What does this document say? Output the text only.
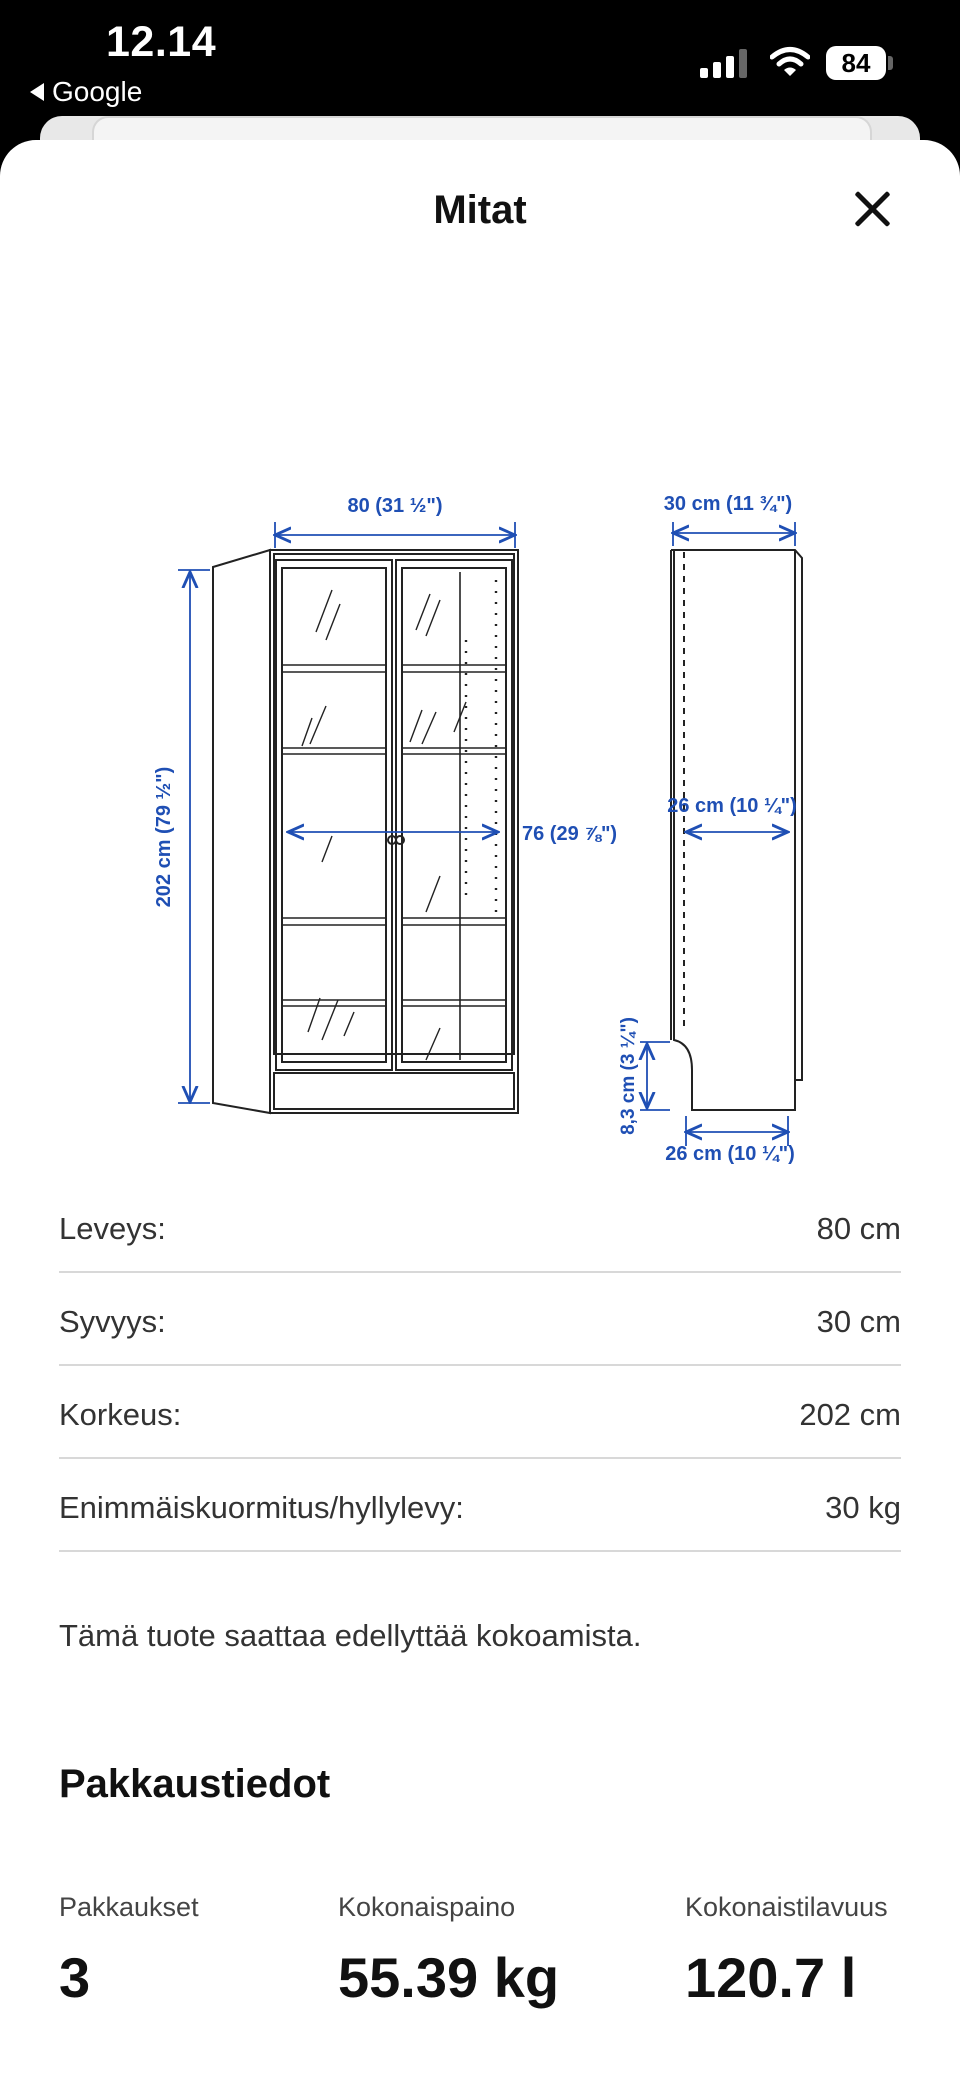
12.14
Google
84
Mitat
80 (31 ½")
76 (29 ⅞")
202 cm (79 ½")
30 cm (11 ¾")
26 cm (10 ¼")
26 cm (10 ¼")
8,3 cm (3 ¼")
Leveys:	80 cm
Syvyys:	30 cm
Korkeus:	202 cm
Enimmäiskuormitus/hyllylevy:	30 kg
Tämä tuote saattaa edellyttää kokoamista.
Pakkaustiedot
Pakkaukset
3
Kokonaispaino
55.39 kg
Kokonaistilavuus
120.7 l
